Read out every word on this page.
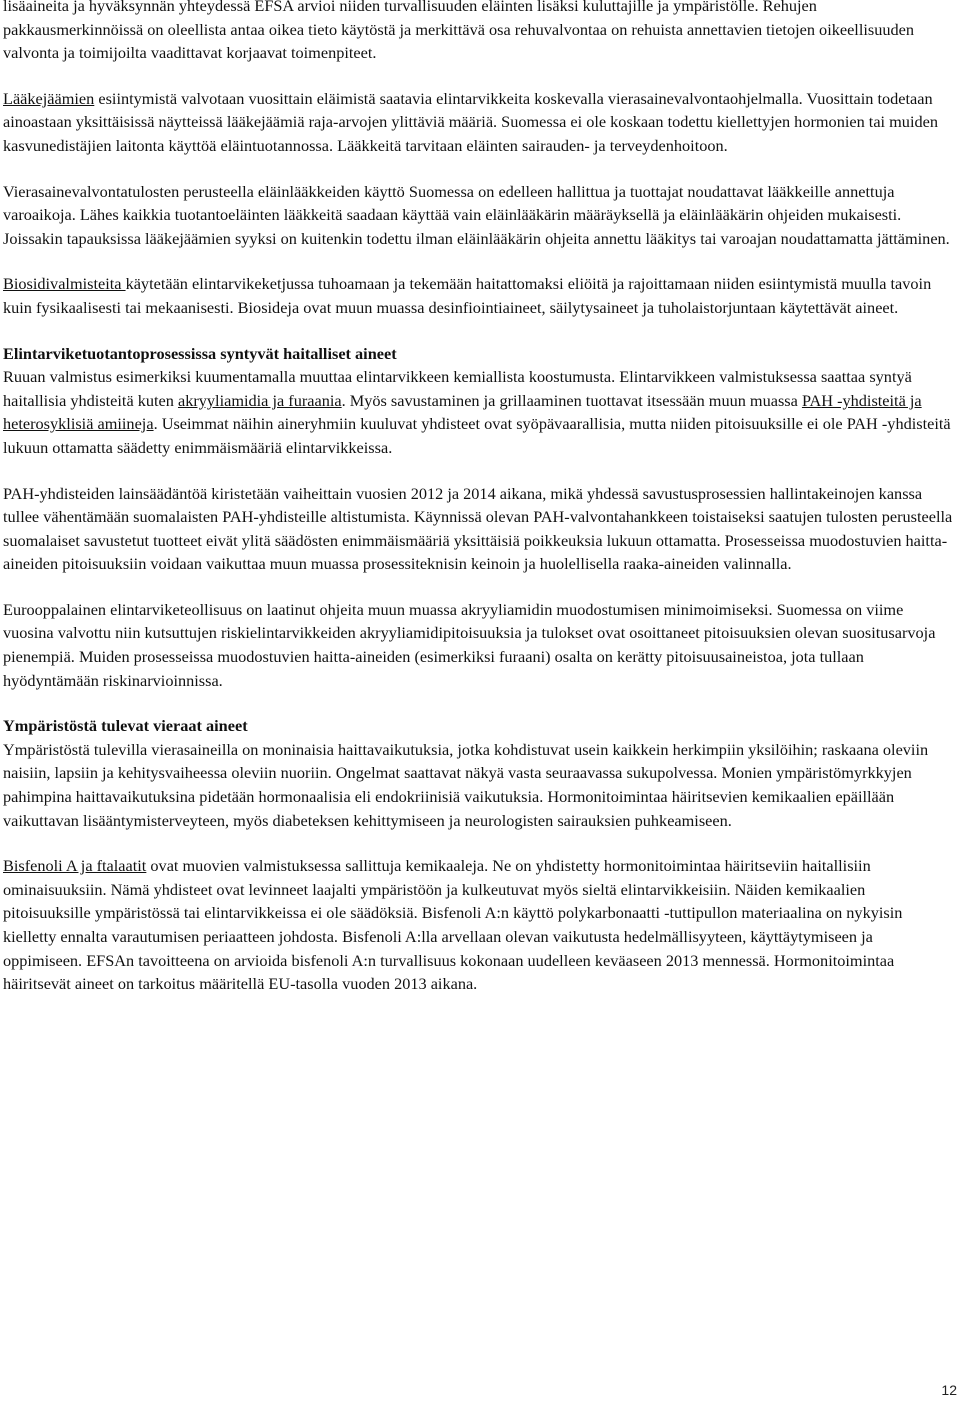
lisäaineita ja hyväksynnän yhteydessä EFSA arvioi niiden turvallisuuden eläinten lisäksi kuluttajille ja ympäristölle. Rehujen pakkausmerkinnöissä on oleellista antaa oikea tieto käytöstä ja merkittävä osa rehuvalvontaa on rehuista annettavien tietojen oikeellisuuden valvonta ja toimijoilta vaadittavat korjaavat toimenpiteet.

Lääkejäämien esiintymistä valvotaan vuosittain eläimistä saatavia elintarvikkeita koskevalla vierasainevalvontaohjelmalla. Vuosittain todetaan ainoastaan yksittäisissä näytteissä lääkejäämiä raja-arvojen ylittäviä määriä. Suomessa ei ole koskaan todettu kiellettyjen hormonien tai muiden kasvunedistäjien laitonta käyttöä eläintuotannossa. Lääkkeitä tarvitaan eläinten sairauden- ja terveydenhoitoon.

Vierasainevalvontatulosten perusteella eläinlääkkeiden käyttö Suomessa on edelleen hallittua ja tuottajat noudattavat lääkkeille annettuja varoaikoja. Lähes kaikkia tuotantoeläinten lääkkeitä saadaan käyttää vain eläinlääkärin määräyksellä ja eläinlääkärin ohjeiden mukaisesti. Joissakin tapauksissa lääkejäämien syyksi on kuitenkin todettu ilman eläinlääkärin ohjeita annettu lääkitys tai varoajan noudattamatta jättäminen.

Biosidivalmisteita käytetään elintarvikeketjussa tuhoamaan ja tekemään haitattomaksi eliöitä ja rajoittamaan niiden esiintymistä muulla tavoin kuin fysikaalisesti tai mekaanisesti. Biosideja ovat muun muassa desinfiointiaineet, säilytysaineet ja tuholaistorjuntaan käytettävät aineet.

Elintarviketuotantoprosessissa syntyvät haitalliset aineet
Ruuan valmistus esimerkiksi kuumentamalla muuttaa elintarvikkeen kemiallista koostumusta. Elintarvikkeen valmistuksessa saattaa syntyä haitallisia yhdisteitä kuten akryyliamidia ja furaania. Myös savustaminen ja grillaaminen tuottavat itsessään muun muassa PAH -yhdisteitä ja heterosyklisiä amiineja. Useimmat näihin aineryhmiin kuuluvat yhdisteet ovat syöpävaarallisia, mutta niiden pitoisuuksille ei ole PAH -yhdisteitä lukuun ottamatta säädetty enimmäismääriä elintarvikkeissa.

PAH-yhdisteiden lainsäädäntöä kiristetään vaiheittain vuosien 2012 ja 2014 aikana, mikä yhdessä savustusprosessien hallintakeinojen kanssa tullee vähentämään suomalaisten PAH-yhdisteille altistumista. Käynnissä olevan PAH-valvontahankkeen toistaiseksi saatujen tulosten perusteella suomalaiset savustetut tuotteet eivät ylitä säädösten enimmäismääriä yksittäisiä poikkeuksia lukuun ottamatta. Prosesseissa muodostuvien haitta-aineiden pitoisuuksiin voidaan vaikuttaa muun muassa prosessiteknisin keinoin ja huolellisella raaka-aineiden valinnalla.

Eurooppalainen elintarviketeollisuus on laatinut ohjeita muun muassa akryyliamidin muodostumisen minimoimiseksi. Suomessa on viime vuosina valvottu niin kutsuttujen riskielintarvikkeiden akryyliamidipitoisuuksia ja tulokset ovat osoittaneet pitoisuuksien olevan suositusarvoja pienempiä. Muiden prosesseissa muodostuvien haitta-aineiden (esimerkiksi furaani) osalta on kerätty pitoisuusaineistoa, jota tullaan hyödyntämään riskinarvioinnissa.

Ympäristöstä tulevat vieraat aineet
Ympäristöstä tulevilla vierasaineilla on moninaisia haittavaikutuksia, jotka kohdistuvat usein kaikkein herkimpiin yksilöihin; raskaana oleviin naisiin, lapsiin ja kehitysvaiheessa oleviin nuoriin. Ongelmat saattavat näkyä vasta seuraavassa sukupolvessa. Monien ympäristömyrkkyjen pahimpina haittavaikutuksina pidetään hormonaalisia eli endokriinisiä vaikutuksia. Hormonitoimintaa häiritsevien kemikaalien epäillään vaikuttavan lisääntymisterveyteen, myös diabeteksen kehittymiseen ja neurologisten sairauksien puhkeamiseen.

Bisfenoli A ja ftalaatit ovat muovien valmistuksessa sallittuja kemikaaleja. Ne on yhdistetty hormonitoimintaa häiritseviin haitallisiin ominaisuuksiin. Nämä yhdisteet ovat levinneet laajalti ympäristöön ja kulkeutuvat myös sieltä elintarvikkeisiin. Näiden kemikaalien pitoisuuksille ympäristössä tai elintarvikkeissa ei ole säädöksiä. Bisfenoli A:n käyttö polykarbonaatti -tuttipullon materiaalina on nykyisin kielletty ennalta varautumisen periaatteen johdosta. Bisfenoli A:lla arvellaan olevan vaikutusta hedelmällisyyteen, käyttäytymiseen ja oppimiseen. EFSAn tavoitteena on arvioida bisfenoli A:n turvallisuus kokonaan uudelleen keväaseen 2013 mennessä. Hormonitoimintaa häiritsevät aineet on tarkoitus määritellä EU-tasolla vuoden 2013 aikana.

12
